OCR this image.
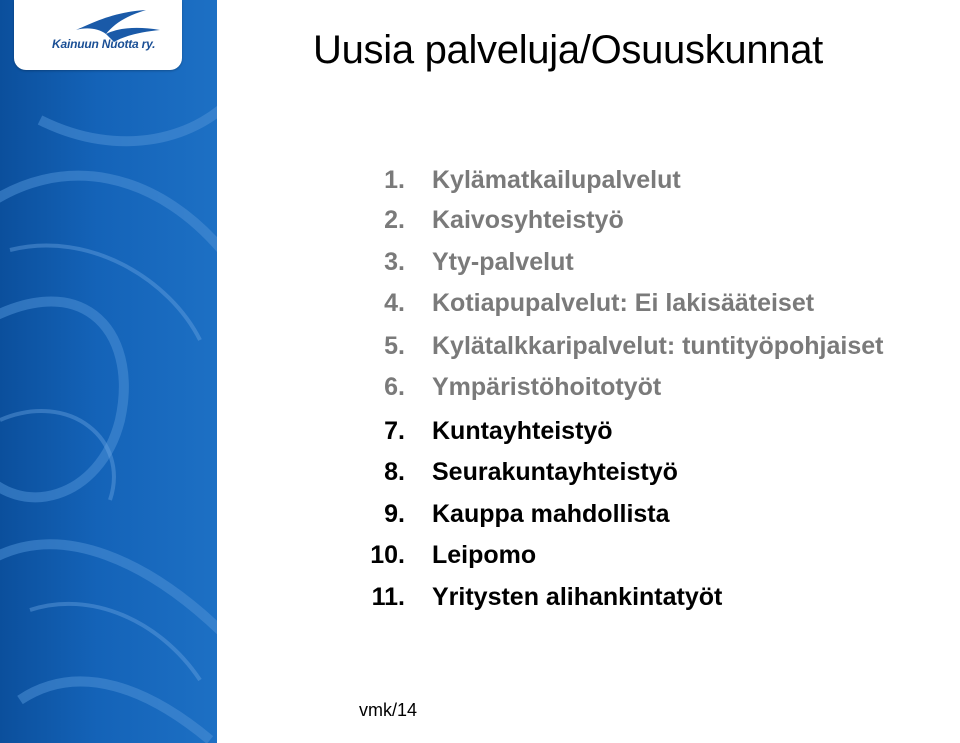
Kainuun Nuotta ry.	Uusia palveluja/Osuuskunnat
1. Kylämatkailupalvelut
2. Kaivosyhteistyö
3. Yty-palvelut
4. Kotiapupalvelut: Ei lakisääteiset
5. Kylätalkkaripalvelut: tuntityöpohjaiset
6. Ympäristöhoitotyöt
7. Kuntayhteistyö
8. Seurakuntayhteistyö
9. Kauppa mahdollista
10. Leipomo
11. Yritysten alihankintatyöt
vmk/14
